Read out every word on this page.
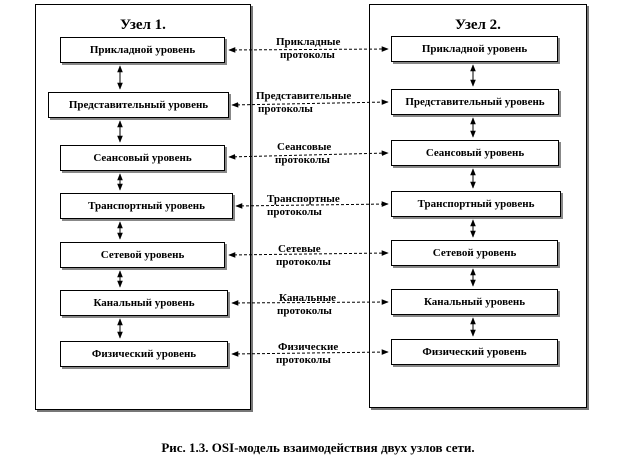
Узел 1.	Узел 2.
Прикладной уровень
Представительный уровень
Сеансовый уровень
Транспортный уровень
Сетевой уровень
Канальный уровень
Физический уровень
Прикладной уровень
Представительный уровень
Сеансовый уровень
Транспортный уровень
Сетевой уровень
Канальный уровень
Физический уровень
Прикладные
протоколы
Представительные
протоколы
Сеансовые
протоколы
Транспортные
протоколы
Сетевые
протоколы
Канальные
протоколы
Физические
протоколы
Рис. 1.3. OSI-модель взаимодействия двух узлов сети.
